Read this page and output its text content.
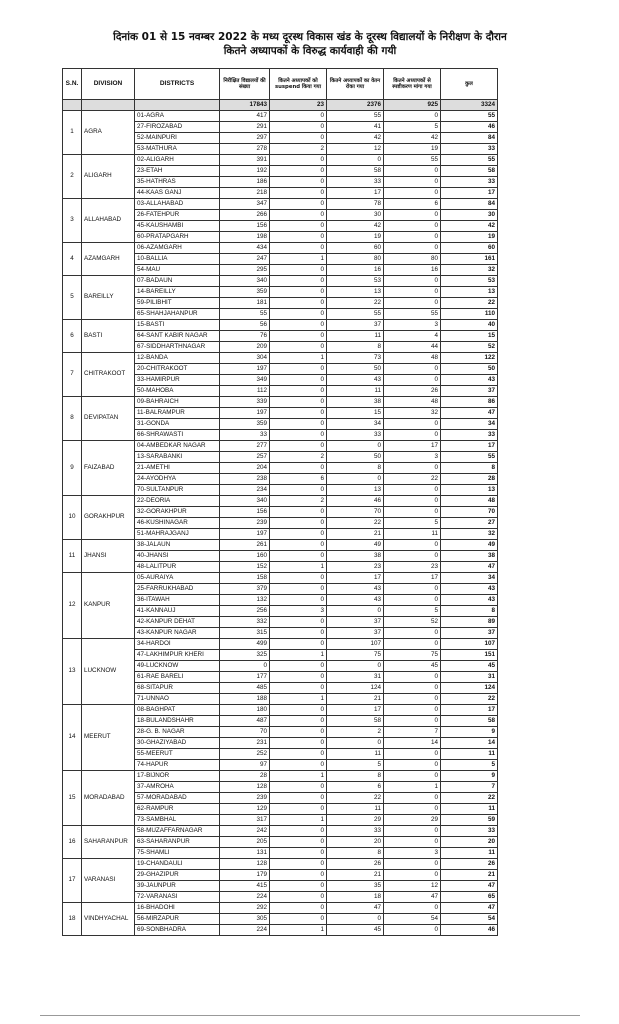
दिनांक 01 से 15 नवम्बर 2022 के मध्य दूरस्थ विकास खंड के दूरस्थ विद्यालयों के निरीक्षण के दौरान
कितने अध्यापकों के विरुद्ध कार्यवाही की गयी
S.N.	DIVISION	DISTRICTS	निरीक्षित विद्यालयों की संख्या	कितने अध्यापकों को suspend किया गया	कितने अध्यापकों का वेतन रोका गया	कितने अध्यापकों से स्पष्टीकरण मांगा गया	कुल
			17843	23	2376	925	3324
1	AGRA	01-AGRA	417	0	55	0	55
		27-FIROZABAD	291	0	41	5	46
		52-MAINPURI	297	0	42	42	84
		53-MATHURA	278	2	12	19	33
2	ALIGARH	02-ALIGARH	391	0	0	55	55
		23-ETAH	192	0	58	0	58
		35-HATHRAS	186	0	33	0	33
		44-KAAS GANJ	218	0	17	0	17
3	ALLAHABAD	03-ALLAHABAD	347	0	78	6	84
		26-FATEHPUR	266	0	30	0	30
		45-KAUSHAMBI	156	0	42	0	42
		60-PRATAPGARH	198	0	19	0	19
4	AZAMGARH	06-AZAMGARH	434	0	60	0	60
		10-BALLIA	247	1	80	80	161
		54-MAU	295	0	16	16	32
5	BAREILLY	07-BADAUN	340	0	53	0	53
		14-BAREILLY	359	0	13	0	13
		59-PILIBHIT	181	0	22	0	22
		65-SHAHJAHANPUR	55	0	55	55	110
6	BASTI	15-BASTI	56	0	37	3	40
		64-SANT KABIR NAGAR	76	0	11	4	15
		67-SIDDHARTHNAGAR	209	0	8	44	52
7	CHITRAKOOT	12-BANDA	304	1	73	48	122
		20-CHITRAKOOT	197	0	50	0	50
		33-HAMIRPUR	349	0	43	0	43
		50-MAHOBA	112	0	11	26	37
8	DEVIPATAN	09-BAHRAICH	339	0	38	48	86
		11-BALRAMPUR	197	0	15	32	47
		31-GONDA	359	0	34	0	34
		66-SHRAWASTI	33	0	33	0	33
9	FAIZABAD	04-AMBEDKAR NAGAR	277	0	0	17	17
		13-SARABANKI	257	2	50	3	55
		21-AMETHI	204	0	8	0	8
		24-AYODHYA	238	6	0	22	28
		70-SULTANPUR	234	0	13	0	13
10	GORAKHPUR	22-DEORIA	340	2	46	0	48
		32-GORAKHPUR	156	0	70	0	70
		46-KUSHINAGAR	239	0	22	5	27
		51-MAHRAJGANJ	197	0	21	11	32
11	JHANSI	38-JALAUN	261	0	49	0	49
		40-JHANSI	160	0	38	0	38
		48-LALITPUR	152	1	23	23	47
12	KANPUR	05-AURAIYA	158	0	17	17	34
		25-FARRUKHABAD	379	0	43	0	43
		36-ITAWAH	132	0	43	0	43
		41-KANNAUJ	256	3	0	5	8
		42-KANPUR DEHAT	332	0	37	52	89
		43-KANPUR NAGAR	315	0	37	0	37
13	LUCKNOW	34-HARDOI	499	0	107	0	107
		47-LAKHIMPUR KHERI	325	1	75	75	151
		49-LUCKNOW	0	0	0	45	45
		61-RAE BARELI	177	0	31	0	31
		68-SITAPUR	485	0	124	0	124
		71-UNNAO	188	1	21	0	22
14	MEERUT	08-BAGHPAT	180	0	17	0	17
		18-BULANDSHAHR	487	0	58	0	58
		28-G. B. NAGAR	70	0	2	7	9
		30-GHAZIYABAD	231	0	0	14	14
		55-MEERUT	252	0	11	0	11
		74-HAPUR	97	0	5	0	5
15	MORADABAD	17-BIJNOR	28	1	8	0	9
		37-AMROHA	128	0	6	1	7
		57-MORADABAD	239	0	22	0	22
		62-RAMPUR	129	0	11	0	11
		73-SAMBHAL	317	1	29	29	59
16	SAHARANPUR	58-MUZAFFARNAGAR	242	0	33	0	33
		63-SAHARANPUR	205	0	20	0	20
		75-SHAMLI	131	0	8	3	11
17	VARANASI	19-CHANDAULI	128	0	26	0	26
		29-GHAZIPUR	179	0	21	0	21
		39-JAUNPUR	415	0	35	12	47
		72-VARANASI	224	0	18	47	65
18	VINDHYACHAL	16-BHADOHI	292	0	47	0	47
		56-MIRZAPUR	305	0	0	54	54
		69-SONBHADRA	224	1	45	0	46
